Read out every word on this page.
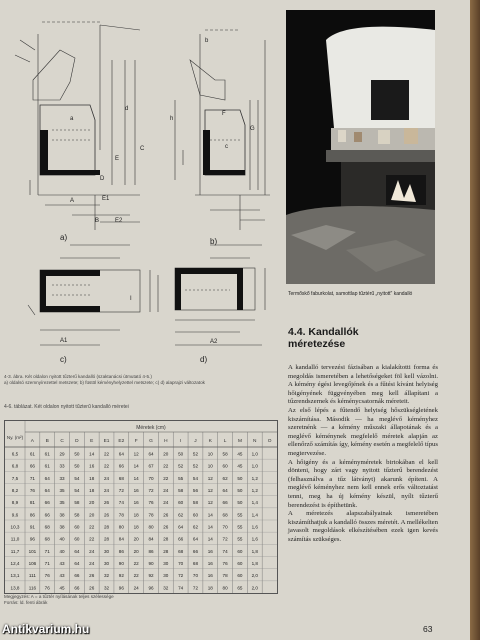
A
B
C
D
E
E1
E2
A1	A2
a
b
c
d
h
G
I
F
a)	b)
c)	d)
4-3. ábra. Két oldalon nyitott tűzterű kandalló (szaktanácsi útmutató 4-5.)
a) oldalsó szemnyírezettel metszete; b) füstöl kéményhelyzettel metszete; c) d) alaprajzi változatok
4-6. táblázat. Két oldalon nyitott tűzterű kandalló méretei
Méretek (cm)
Ny. (m²)
A B C D E E1 E2 F G H	I	J	K L M N O
6,5	61 61 29 50 14 22 64 12 64 20 50 52 10 58 45 1,0
6,8	66 61 33 50 16 22 66 14 67 22 52 52 10 60 45 1,0
7,5	71 64 33 54 18 24 68 14 70 22 55 54 12 62 50 1,2
8,2	76 64 35 54 18 24 72 16 72 24 58 56 12 64 50 1,2
8,9	81 66 35 58 20 26 74 16 76 24 60 58 12 66 50 1,4
9,6	86 66 38 58 20 26 78 18 78 26 62 60 14 68 55 1,4
10,3 91 68 38 60 22 28 80 18 80 26 64 62 14 70 55 1,6
11,0 96 68 40 60 22 28 84 20 84 28 66 64 14 72 55 1,6
11,7 101 71 40 64 24 30 86 20 86 28 68 66 16 74 60 1,8
12,4 106 71 43 64 24 30 90 22 90 30 70 68 16 76 60 1,8
13,1 111 76 43 66 26 32 92 22 92 30 72 70 16 78 60 2,0
13,8 116 76 45 66 26 32 96 24 96 32 74 72 18 80 65 2,0
Megjegyzés: A = a tűztér nyílásának teljes szélessége
Forrás: ld. fenti ábrák
Termőskő faburkolat, samottlap tűztérű „nyitott" kandalló
4.4. Kandallók
méretezése

A kandalló tervezési fázisában a kialakítotti forma és megoldás ismeretében a lehetőségeket föl kell vázolni. A kémény égési levegőjének és a fűtési kívánt helyiség hőigényének függvényében meg kell állapítani a tűzrendszernek és kéménycsatornák méreteit.

Az első lépés a fűtendő helyiség hőszükségletének kiszámítása. Második — ha meglévő kéményhez szeretnénk — a kémény műszaki állapotának és a meglévő kéménynek megfelelő méretek alapján az ellenőrző számítás így, kémény esetén a megfelelő típus megtervezése.

A hőigény és a kéményméretek birtokában el kell dönteni, hogy zárt vagy nyitott tűzterű berendezést (felhasználva a tűz látványt) akarunk építeni. A meglévő kéményhez nem kell ennek erős változtatást tenni, meg ha új kémény készül, nyílt tűzterű berendezést is építhetünk.

A méretezés alapszabályainak ismeretében kiszámíthatjuk a kandalló összes méretét. A mellékelten javasolt megoldások elkészítésében ezek igen kevés számítás szükséges.

63
Antikvarium.hu
